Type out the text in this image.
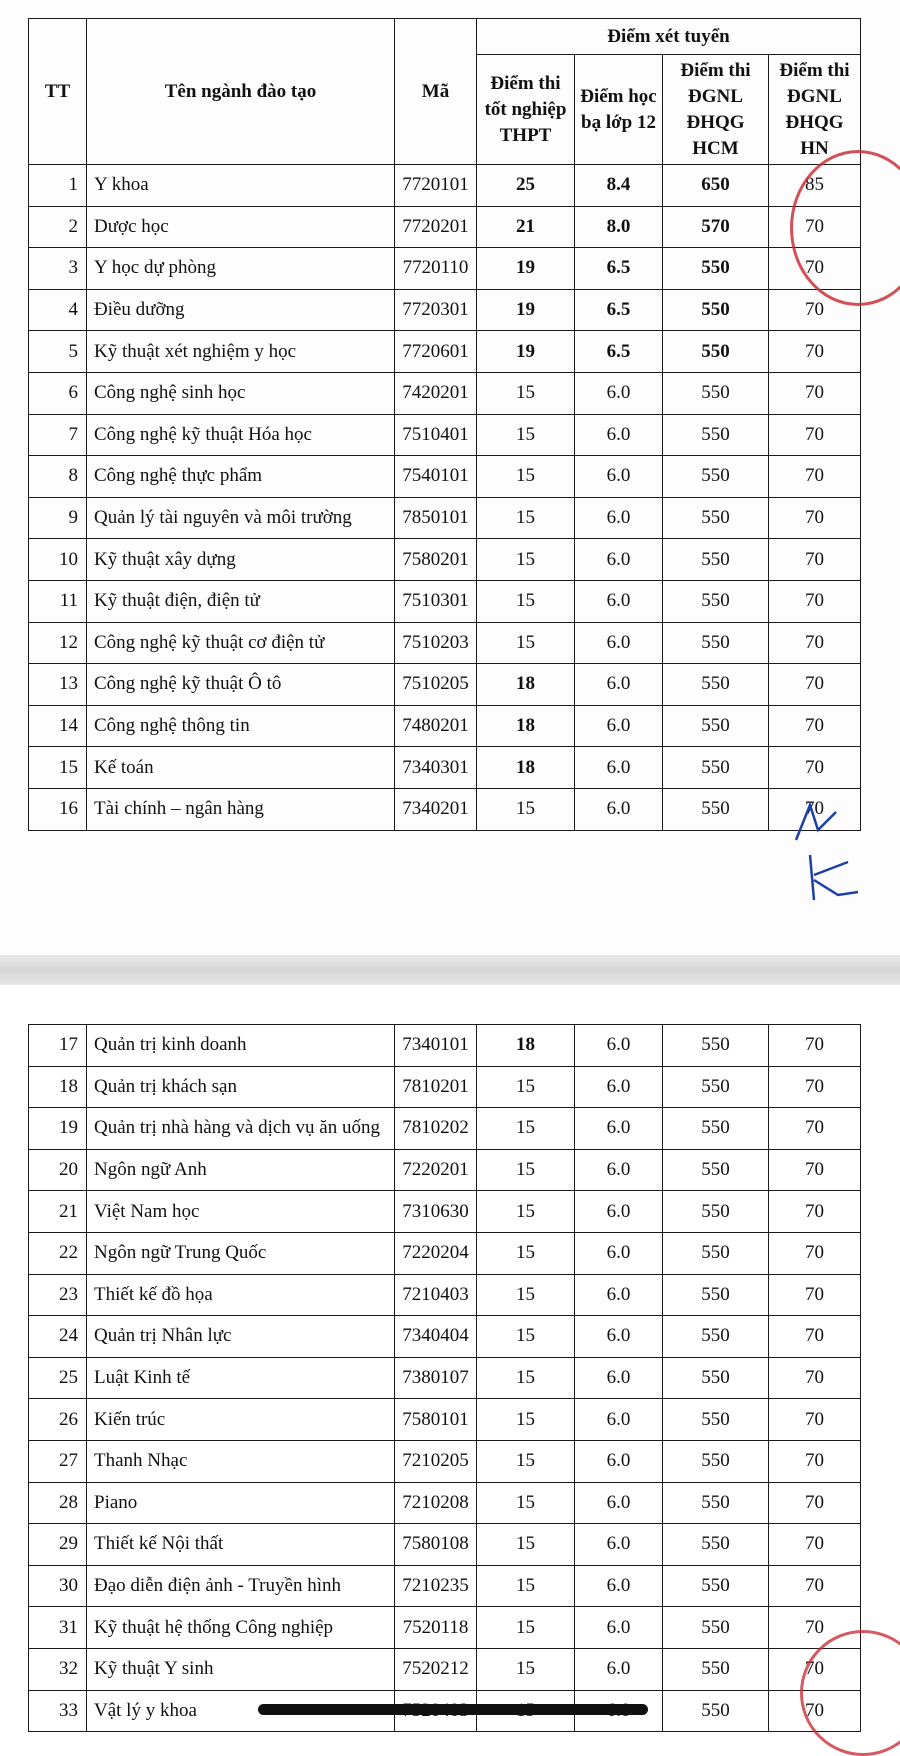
TT	Tên ngành đào tạo	Mã	Điểm xét tuyển			
			Điểm thi tốt nghiệp THPT	Điểm học bạ lớp 12	Điểm thi ĐGNL ĐHQG HCM	Điểm thi ĐGNL ĐHQG HN
1	Y khoa	7720101	25	8.4	650	85
2	Dược học	7720201	21	8.0	570	70
3	Y học dự phòng	7720110	19	6.5	550	70
4	Điều dưỡng	7720301	19	6.5	550	70
5	Kỹ thuật xét nghiệm y học	7720601	19	6.5	550	70
6	Công nghệ sinh học	7420201	15	6.0	550	70
7	Công nghệ kỹ thuật Hóa học	7510401	15	6.0	550	70
8	Công nghệ thực phẩm	7540101	15	6.0	550	70
9	Quản lý tài nguyên và môi trường	7850101	15	6.0	550	70
10	Kỹ thuật xây dựng	7580201	15	6.0	550	70
11	Kỹ thuật điện, điện tử	7510301	15	6.0	550	70
12	Công nghệ kỹ thuật cơ điện tử	7510203	15	6.0	550	70
13	Công nghệ kỹ thuật Ô tô	7510205	18	6.0	550	70
14	Công nghệ thông tin	7480201	18	6.0	550	70
15	Kế toán	7340301	18	6.0	550	70
16	Tài chính – ngân hàng	7340201	15	6.0	550	70
17	Quản trị kinh doanh	7340101	18	6.0	550	70
18	Quản trị khách sạn	7810201	15	6.0	550	70
19	Quản trị nhà hàng và dịch vụ ăn uống	7810202	15	6.0	550	70
20	Ngôn ngữ Anh	7220201	15	6.0	550	70
21	Việt Nam học	7310630	15	6.0	550	70
22	Ngôn ngữ Trung Quốc	7220204	15	6.0	550	70
23	Thiết kế đồ họa	7210403	15	6.0	550	70
24	Quản trị Nhân lực	7340404	15	6.0	550	70
25	Luật Kinh tế	7380107	15	6.0	550	70
26	Kiến trúc	7580101	15	6.0	550	70
27	Thanh Nhạc	7210205	15	6.0	550	70
28	Piano	7210208	15	6.0	550	70
29	Thiết kế Nội thất	7580108	15	6.0	550	70
30	Đạo diễn điện ảnh - Truyền hình	7210235	15	6.0	550	70
31	Kỹ thuật hệ thống Công nghiệp	7520118	15	6.0	550	70
32	Kỹ thuật Y sinh	7520212	15	6.0	550	70
33	Vật lý y khoa				550	70
